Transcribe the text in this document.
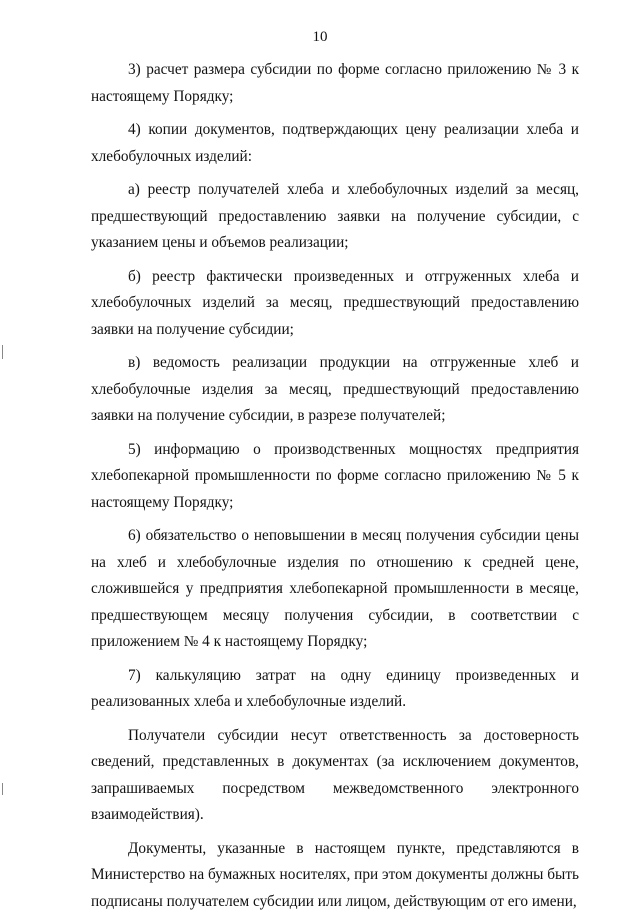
10

3) расчет размера субсидии по форме согласно приложению № 3 к настоящему Порядку;

4) копии документов, подтверждающих цену реализации хлеба и хлебобулочных изделий:

а) реестр получателей хлеба и хлебобулочных изделий за месяц, предшествующий предоставлению заявки на получение субсидии, с указанием цены и объемов реализации;

б) реестр фактически произведенных и отгруженных хлеба и хлебобулочных изделий за месяц, предшествующий предоставлению заявки на получение субсидии;

в) ведомость реализации продукции на отгруженные хлеб и хлебобулочные изделия за месяц, предшествующий предоставлению заявки на получение субсидии, в разрезе получателей;

5) информацию о производственных мощностях предприятия хлебопекарной промышленности по форме согласно приложению № 5 к настоящему Порядку;

6) обязательство о неповышении в месяц получения субсидии цены на хлеб и хлебобулочные изделия по отношению к средней цене, сложившейся у предприятия хлебопекарной промышленности в месяце, предшествующем месяцу получения субсидии, в соответствии с приложением № 4 к настоящему Порядку;

7) калькуляцию затрат на одну единицу произведенных и реализованных хлеба и хлебобулочные изделий.

Получатели субсидии несут ответственность за достоверность сведений, представленных в документах (за исключением документов, запрашиваемых посредством межведомственного электронного взаимодействия).

Документы, указанные в настоящем пункте, представляются в Министерство на бумажных носителях, при этом документы должны быть подписаны получателем субсидии или лицом, действующим от его имени,
